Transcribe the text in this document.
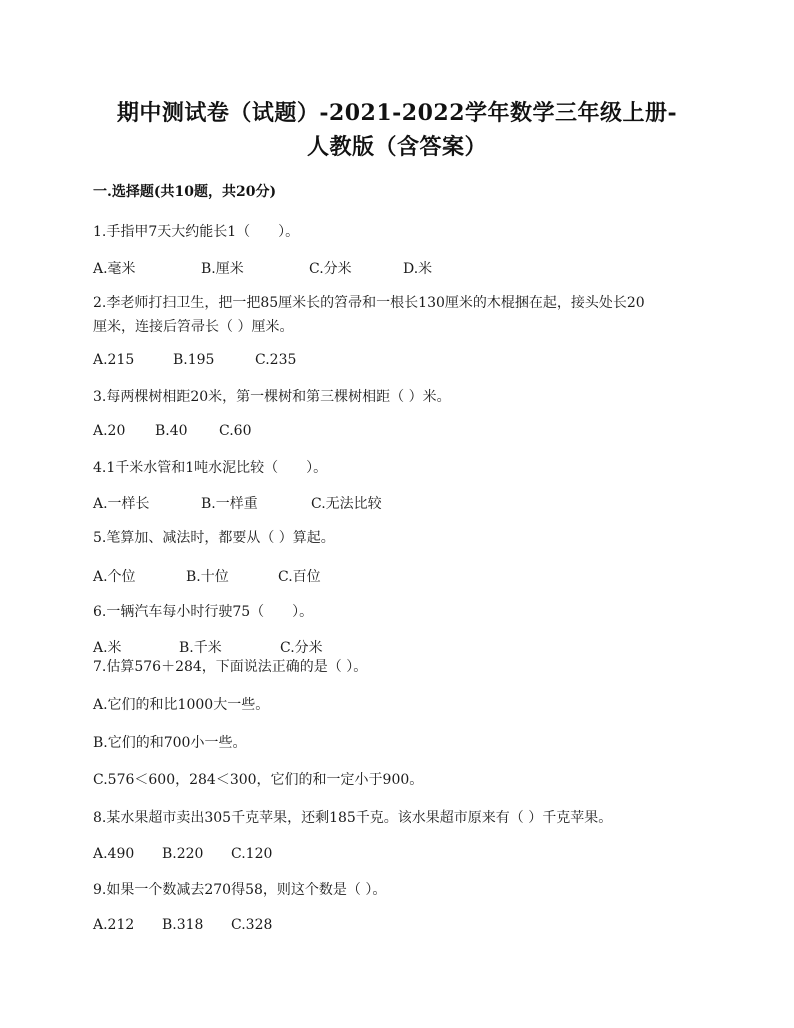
期中测试卷（试题）-2021-2022学年数学三年级上册-
人教版（含答案）
一.选择题(共10题，共20分)
1.手指甲7天大约能长1（　　）。
A.毫米	B.厘米	C.分米	D.米
2.李老师打扫卫生，把一把85厘米长的笤帚和一根长130厘米的木棍捆在起，接头处长20
厘米，连接后笤帚长（ ）厘米。
A.215	B.195	C.235
3.每两棵树相距20米，第一棵树和第三棵树相距（ ）米。
A.20 B.40 C.60
4.1千米水管和1吨水泥比较（　　）。
A.一样长	B.一样重	C.无法比较
5.笔算加、减法时，都要从（ ）算起。
A.个位	B.十位	C.百位
6.一辆汽车每小时行驶75（　　）。
A.米	B.千米	C.分米
7.估算576＋284，下面说法正确的是（ ）。
A.它们的和比1000大一些。
B.它们的和700小一些。
C.576＜600，284＜300，它们的和一定小于900。
8.某水果超市卖出305千克苹果，还剩185千克。该水果超市原来有（ ）千克苹果。
A.490 B.220 C.120
9.如果一个数减去270得58，则这个数是（ ）。
A.212 B.318 C.328
